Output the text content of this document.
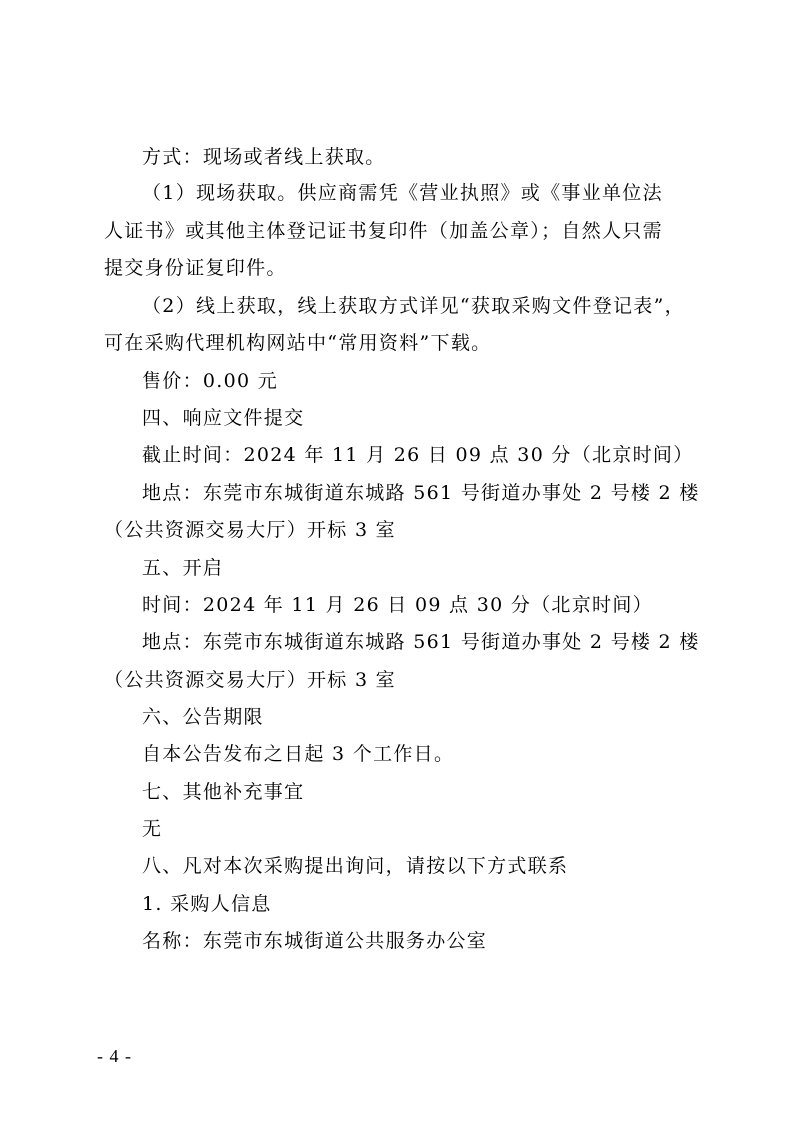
方式：现场或者线上获取。
（1）现场获取。供应商需凭《营业执照》或《事业单位法
人证书》或其他主体登记证书复印件（加盖公章）；自然人只需
提交身份证复印件。
（2）线上获取，线上获取方式详见“获取采购文件登记表”，
可在采购代理机构网站中“常用资料”下载。
售价：0.00 元
四、响应文件提交
截止时间：2024 年 11 月 26 日 09 点 30 分（北京时间）
地点：东莞市东城街道东城路 561 号街道办事处 2 号楼 2 楼
（公共资源交易大厅）开标 3 室
五、开启
时间：2024 年 11 月 26 日 09 点 30 分（北京时间）
地点：东莞市东城街道东城路 561 号街道办事处 2 号楼 2 楼
（公共资源交易大厅）开标 3 室
六、公告期限
自本公告发布之日起 3 个工作日。
七、其他补充事宜
无
八、凡对本次采购提出询问，请按以下方式联系
1. 采购人信息
名称：东莞市东城街道公共服务办公室
- 4 -
